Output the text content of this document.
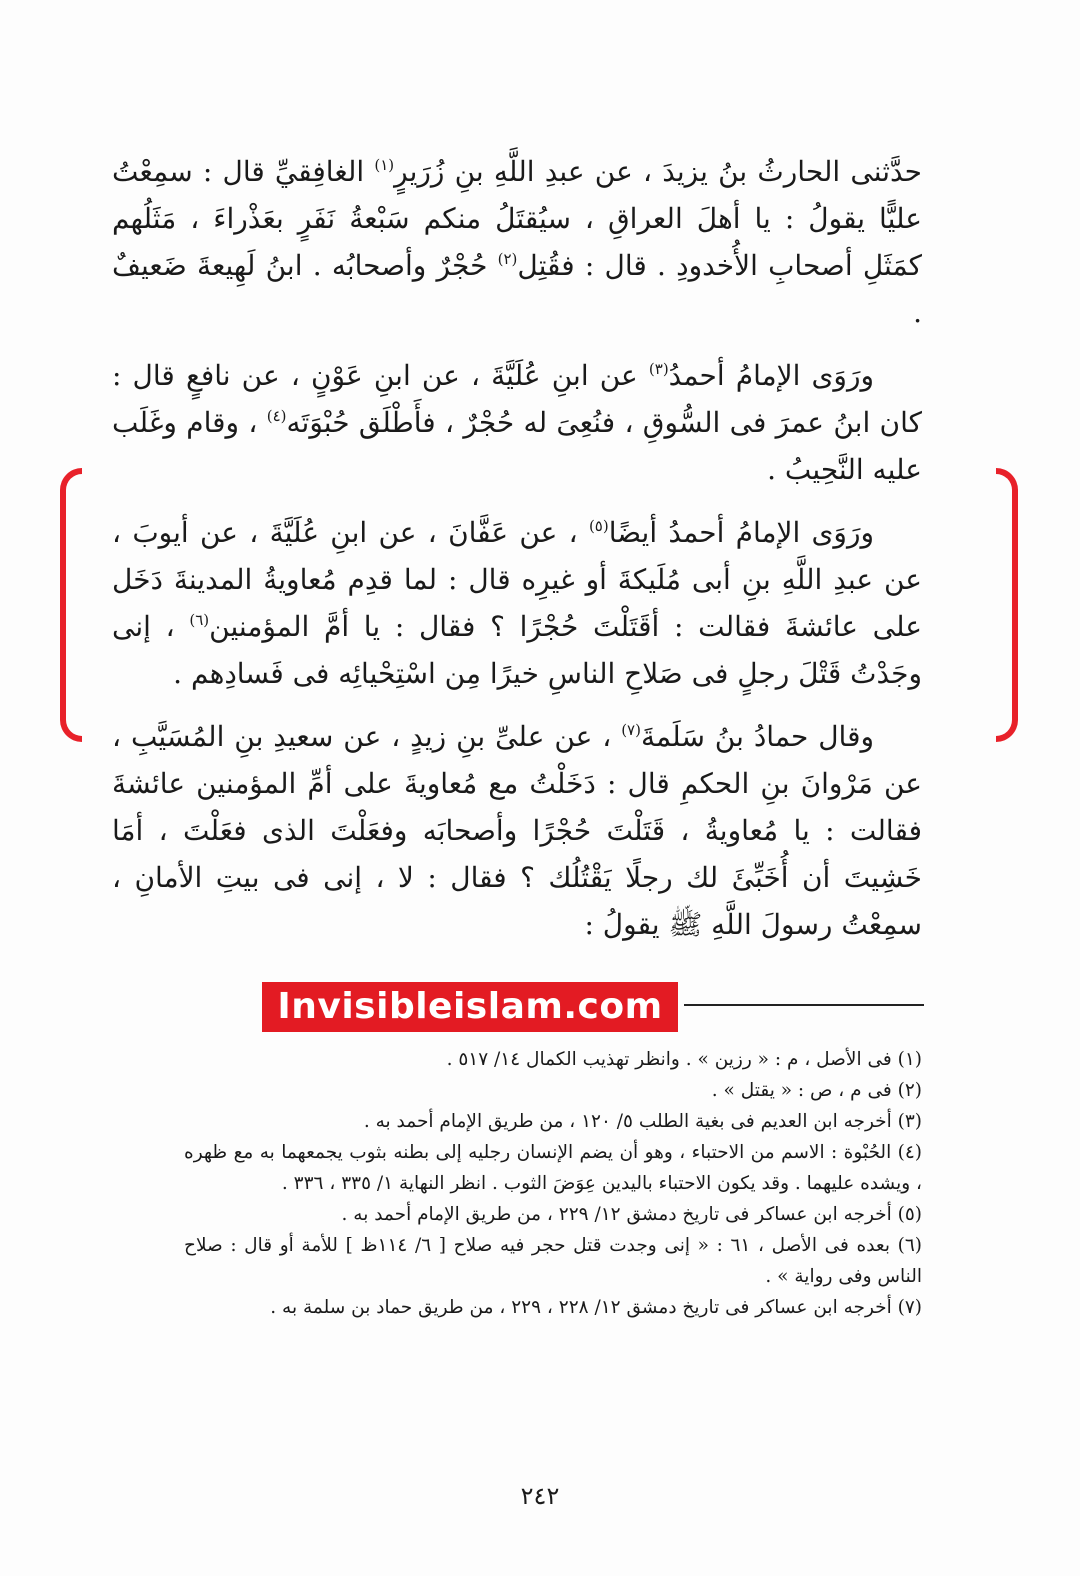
حدَّثنى الحارثُ بنُ يزيدَ ، عن عبدِ اللَّهِ بنِ زُرَيرٍ$^{(١)}$ الغافِقيِّ قال : سمِعْتُ عليًّا يقولُ : يا أهلَ العراقِ ، سيُقتَلُ منكم سَبْعةُ نَفَرٍ بعَذْراءَ ، مَثَلُهم كمَثَلِ أصحابِ الأُخدودِ . قال : فقُتِل$^{(٢)}$ حُجْرٌ وأصحابُه . ابنُ لَهِيعةَ ضَعيفٌ .

ورَوَى الإمامُ أحمدُ$^{(٣)}$ عن ابنِ عُلَيَّةَ ، عن ابنِ عَوْنٍ ، عن نافعٍ قال : كان ابنُ عمرَ فى السُّوقِ ، فنُعِىَ له حُجْرٌ ، فأَطْلَق حُبْوَتَه$^{(٤)}$ ، وقام وغَلَب عليه النَّحِيبُ .

ورَوَى الإمامُ أحمدُ أيضًا$^{(٥)}$ ، عن عَفَّانَ ، عن ابنِ عُلَيَّةَ ، عن أيوبَ ، عن عبدِ اللَّهِ بنِ أبى مُلَيكةَ أو غيرِه قال : لما قدِم مُعاويةُ المدينةَ دَخَل على عائشةَ فقالت : أقَتَلْتَ حُجْرًا ؟ فقال : يا أمَّ المؤمنين$^{(٦)}$ ، إنى وجَدْتُ قَتْلَ رجلٍ فى صَلاحِ الناسِ خيرًا مِن اسْتِحْيائِه فى فَسادِهم .

وقال حمادُ بنُ سَلَمةَ$^{(٧)}$ ، عن علىِّ بنِ زيدٍ ، عن سعيدِ بنِ المُسَيَّبِ ، عن مَرْوانَ بنِ الحكمِ قال : دَخَلْتُ مع مُعاويةَ على أمِّ المؤمنين عائشةَ فقالت : يا مُعاويةُ ، قَتَلْتَ حُجْرًا وأصحابَه وفعَلْتَ الذى فعَلْتَ ، أمَا خَشِيتَ أن أُخَبِّئَ لك رجلًا يَقْتُلُك ؟ فقال : لا ، إنى فى بيتِ الأمانِ ، سمِعْتُ رسولَ اللَّهِ ﷺ يقولُ :

Invisibleislam.com
(١) فى الأصل ، م : « رزين » . وانظر تهذيب الكمال ١٤/ ٥١٧ .
(٢) فى م ، ص : « يقتل » .
(٣) أخرجه ابن العديم فى بغية الطلب ٥/ ١٢٠ ، من طريق الإمام أحمد به .
(٤) الحُبْوة : الاسم من الاحتباء ، وهو أن يضم الإنسان رجليه إلى بطنه بثوب يجمعهما به مع ظهره ، ويشده عليهما . وقد يكون الاحتباء باليدين عِوَضَ الثوب . انظر النهاية ١/ ٣٣٥ ، ٣٣٦ .
(٥) أخرجه ابن عساكر فى تاريخ دمشق ١٢/ ٢٢٩ ، من طريق الإمام أحمد به .
(٦) بعده فى الأصل ، ٦١ : « إنى وجدت قتل حجر فيه صلاح [ ٦/ ١١٤ظ ] للأمة أو قال : صلاح الناس وفى رواية » .
(٧) أخرجه ابن عساكر فى تاريخ دمشق ١٢/ ٢٢٨ ، ٢٢٩ ، من طريق حماد بن سلمة به .
٢٤٢
